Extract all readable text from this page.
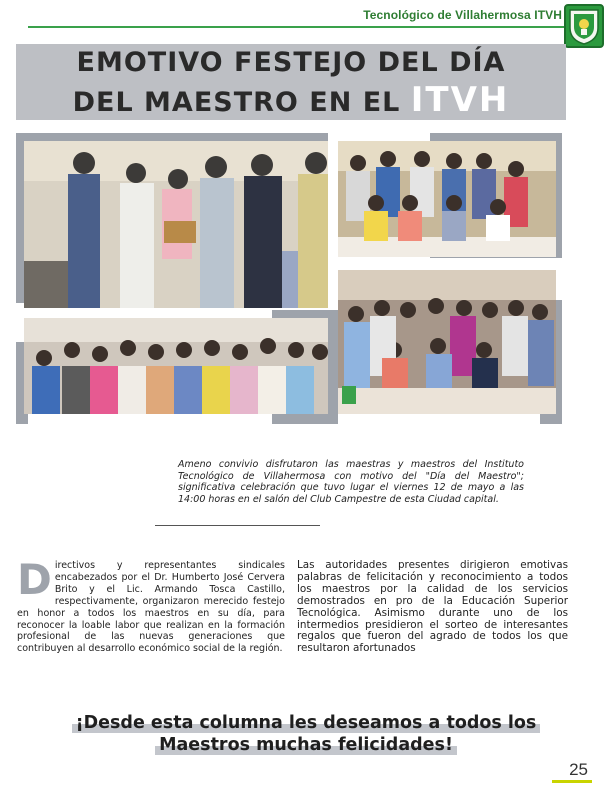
Tecnológico de Villahermosa ITVH
EMOTIVO FESTEJO DEL DÍA
DEL MAESTRO EN EL ITVH
Ameno convivio disfrutaron las maestras y maestros del Instituto Tecnológico de Villahermosa con motivo del "Día del Maestro"; significativa celebración que tuvo lugar el viernes 12 de mayo a las 14:00 horas en el salón del Club Campestre de esta Ciudad capital.
Directivos y representantes sindicales encabezados por el Dr. Humberto José Cervera Brito y el Lic. Armando Tosca Castillo, respectivamente, organizaron merecido festejo en honor a todos los maestros en su día, para reconocer la loable labor que realizan en la formación profesional de las nuevas generaciones que contribuyen al desarrollo económico social de la región.
Las autoridades presentes dirigieron emotivas palabras de felicitación y reconocimiento a todos los maestros por la calidad de los servicios demostrados en pro de la Educación Superior Tecnológica. Asimismo durante uno de los intermedios presidieron el sorteo de interesantes regalos que fueron del agrado de todos los que resultaron afortunados
¡Desde esta columna les deseamos a todos los
Maestros muchas felicidades!
25
